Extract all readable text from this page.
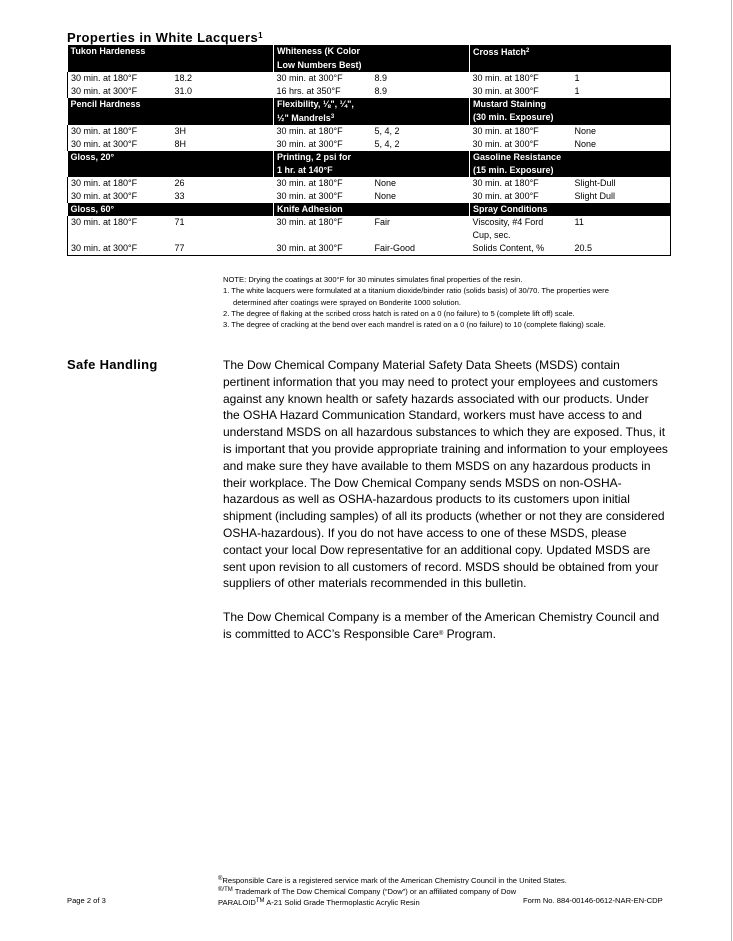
Properties in White Lacquers$^1$
Tukon Hardeness		Whiteness (K Color		Cross Hatch$^2$
		Low Numbers Best)			
30 min. at 180°F	18.2	30 min. at 300°F	8.9	30 min. at 180°F	1
30 min. at 300°F	31.0	16 hrs. at 350°F	8.9	30 min. at 300°F	1
Pencil Hardness		Flexibility, ⅛", ¼",		Mustard Staining	
		½" Mandrels$^3$		(30 min. Exposure)	
30 min. at 180°F	3H	30 min. at 180°F	5, 4, 2	30 min. at 180°F	None
30 min. at 300°F	8H	30 min. at 300°F	5, 4, 2	30 min. at 300°F	None
Gloss, 20°		Printing, 2 psi for		Gasoline Resistance	
		1 hr. at 140°F		(15 min. Exposure)	
30 min. at 180°F	26	30 min. at 180°F	None	30 min. at 180°F	Slight-Dull
30 min. at 300°F	33	30 min. at 300°F	None	30 min. at 300°F	Slight Dull
Gloss, 60°		Knife Adhesion		Spray Conditions	
30 min. at 180°F	71	30 min. at 180°F	Fair	Viscosity, #4 Ford	11
				Cup, sec.	
30 min. at 300°F	77	30 min. at 300°F	Fair-Good	Solids Content, %	20.5
NOTE: Drying the coatings at 300°F for 30 minutes simulates final properties of the resin.
1. The white lacquers were formulated at a titanium dioxide/binder ratio (solids basis) of 30/70. The properties were
determined after coatings were sprayed on Bonderite 1000 solution.
2. The degree of flaking at the scribed cross hatch is rated on a 0 (no failure) to 5 (complete lift off) scale.
3. The degree of cracking at the bend over each mandrel is rated on a 0 (no failure) to 10 (complete flaking) scale.
Safe Handling	The Dow Chemical Company Material Safety Data Sheets (MSDS) contain pertinent information that you may need to protect your employees and customers against any known health or safety hazards associated with our products. Under the OSHA Hazard Communication Standard, workers must have access to and understand MSDS on all hazardous substances to which they are exposed. Thus, it is important that you provide appropriate training and information to your employees and make sure they have available to them MSDS on any hazardous products in their workplace. The Dow Chemical Company sends MSDS on non-OSHA-hazardous as well as OSHA-hazardous products to its customers upon initial shipment (including samples) of all its products (whether or not they are considered OSHA-hazardous). If you do not have access to one of these MSDS, please contact your local Dow representative for an additional copy. Updated MSDS are sent upon revision to all customers of record. MSDS should be obtained from your suppliers of other materials recommended in this bulletin.

The Dow Chemical Company is a member of the American Chemistry Council and is committed to ACC’s Responsible Care® Program.

®Responsible Care is a registered service mark of the American Chemistry Council in the United States.
$^{®/TM}$ Trademark of The Dow Chemical Company (“Dow”) or an affiliated company of Dow
Page 2 of 3	PARALOID™ A-21 Solid Grade Thermoplastic Acrylic Resin	Form No. 884-00146-0612-NAR-EN-CDP
